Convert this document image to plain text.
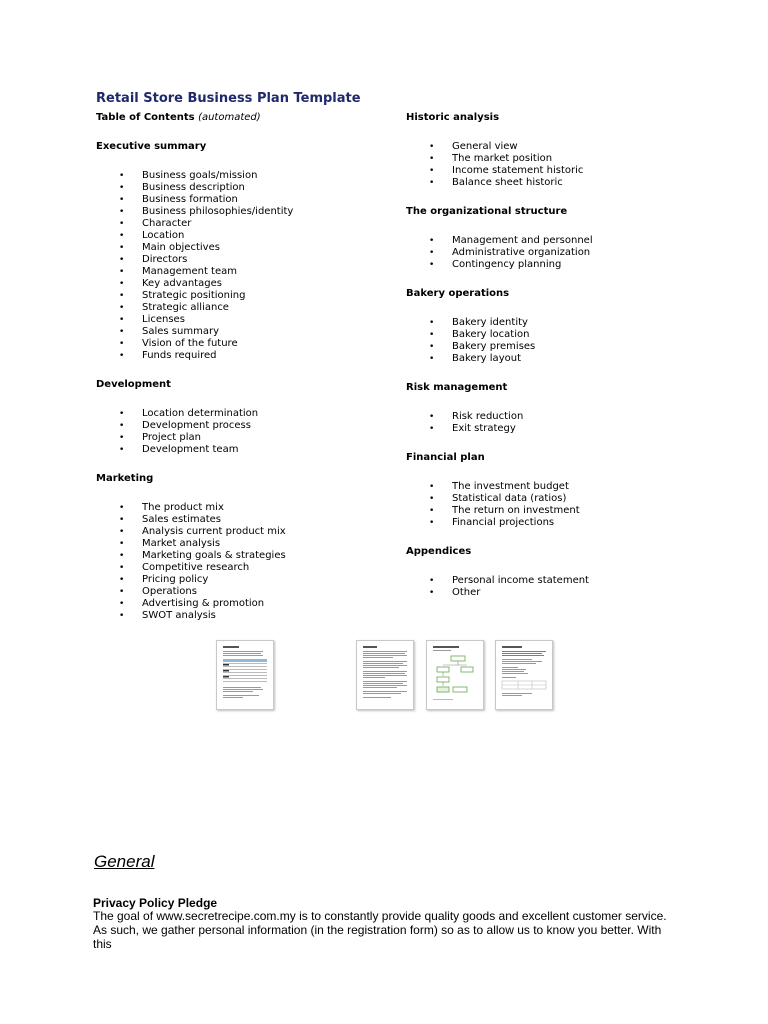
Retail Store Business Plan Template
Table of Contents (automated)
Executive summary
• Business goals/mission
• Business description
• Business formation
• Business philosophies/identity
• Character
• Location
• Main objectives
• Directors
• Management team
• Key advantages
• Strategic positioning
• Strategic alliance
• Licenses
• Sales summary
• Vision of the future
• Funds required
Development
• Location determination
• Development process
• Project plan
• Development team
Marketing
• The product mix
• Sales estimates
• Analysis current product mix
• Market analysis
• Marketing goals & strategies
• Competitive research
• Pricing policy
• Operations
• Advertising & promotion
• SWOT analysis
Historic analysis
• General view
• The market position
• Income statement historic
• Balance sheet historic
The organizational structure
• Management and personnel
• Administrative organization
• Contingency planning
Bakery operations
• Bakery identity
• Bakery location
• Bakery premises
• Bakery layout
Risk management
• Risk reduction
• Exit strategy
Financial plan
• The investment budget
• Statistical data (ratios)
• The return on investment
• Financial projections
Appendices
• Personal income statement
• Other
General
Privacy Policy Pledge
The goal of www.secretrecipe.com.my is to constantly provide quality goods and excellent customer service. As such, we gather personal information (in the registration form) so as to allow us to know you better. With this
